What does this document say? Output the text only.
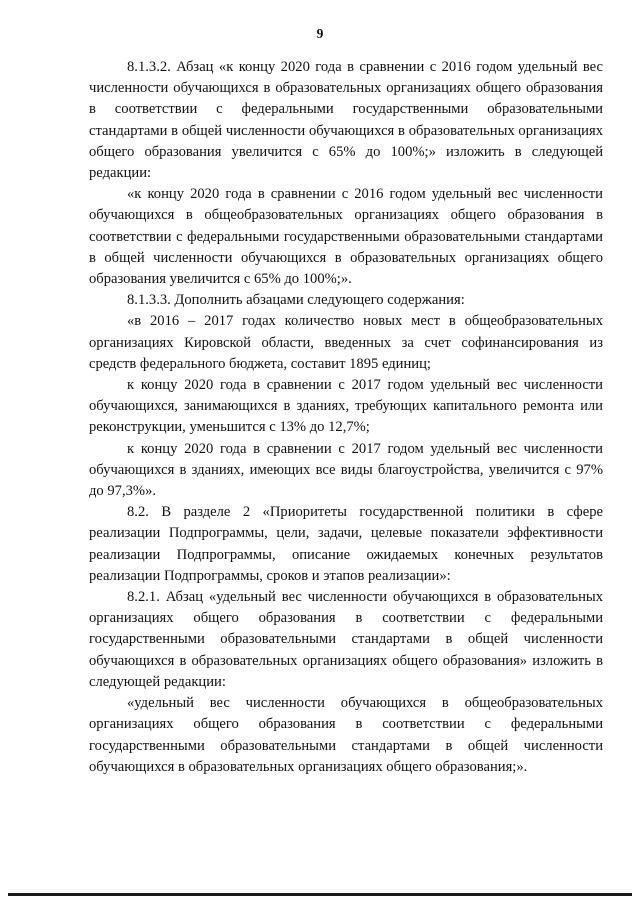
9

8.1.3.2. Абзац «к концу 2020 года в сравнении с 2016 годом удельный вес численности обучающихся в образовательных организациях общего образования в соответствии с федеральными государственными образовательными стандартами в общей численности обучающихся в образовательных организациях общего образования увеличится с 65% до 100%;» изложить в следующей редакции:

«к концу 2020 года в сравнении с 2016 годом удельный вес численности обучающихся в общеобразовательных организациях общего образования в соответствии с федеральными государственными образовательными стандартами в общей численности обучающихся в образовательных организациях общего образования увеличится с 65% до 100%;».

8.1.3.3. Дополнить абзацами следующего содержания:

«в 2016 – 2017 годах количество новых мест в общеобразовательных организациях Кировской области, введенных за счет софинансирования из средств федерального бюджета, составит 1895 единиц;

к концу 2020 года в сравнении с 2017 годом удельный вес численности обучающихся, занимающихся в зданиях, требующих капитального ремонта или реконструкции, уменьшится с 13% до 12,7%;

к концу 2020 года в сравнении с 2017 годом удельный вес численности обучающихся в зданиях, имеющих все виды благоустройства, увеличится с 97% до 97,3%».

8.2. В разделе 2 «Приоритеты государственной политики в сфере реализации Подпрограммы, цели, задачи, целевые показатели эффективности реализации Подпрограммы, описание ожидаемых конечных результатов реализации Подпрограммы, сроков и этапов реализации»:

8.2.1. Абзац «удельный вес численности обучающихся в образовательных организациях общего образования в соответствии с федеральными государственными образовательными стандартами в общей численности обучающихся в образовательных организациях общего образования» изложить в следующей редакции:

«удельный вес численности обучающихся в общеобразовательных организациях общего образования в соответствии с федеральными государственными образовательными стандартами в общей численности обучающихся в образовательных организациях общего образования;».
